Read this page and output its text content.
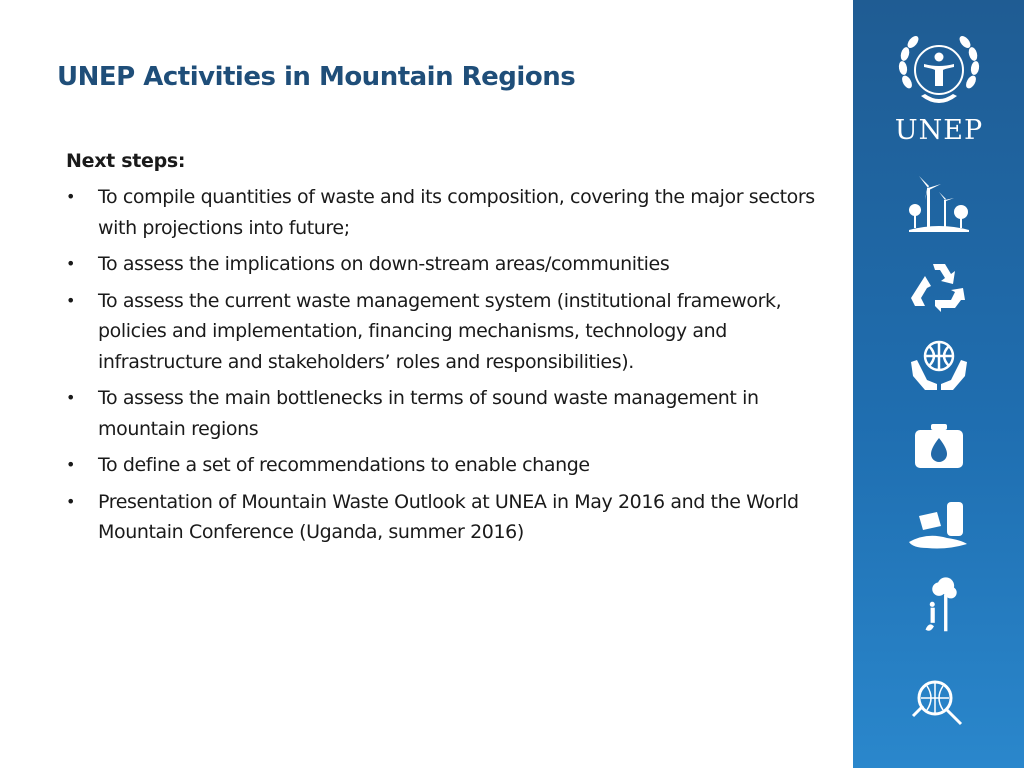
UNEP Activities in Mountain Regions
Next steps:
• To compile quantities of waste and its composition, covering the major sectors with projections into future;
• To assess the implications on down-stream areas/communities
• To assess the current waste management system (institutional framework, policies and implementation, financing mechanisms, technology and infrastructure and stakeholders’ roles and responsibilities).
• To assess the main bottlenecks in terms of sound waste management in mountain regions
• To define a set of recommendations to enable change
• Presentation of Mountain Waste Outlook at UNEA in May 2016 and the World Mountain Conference (Uganda, summer 2016)
UNEP
